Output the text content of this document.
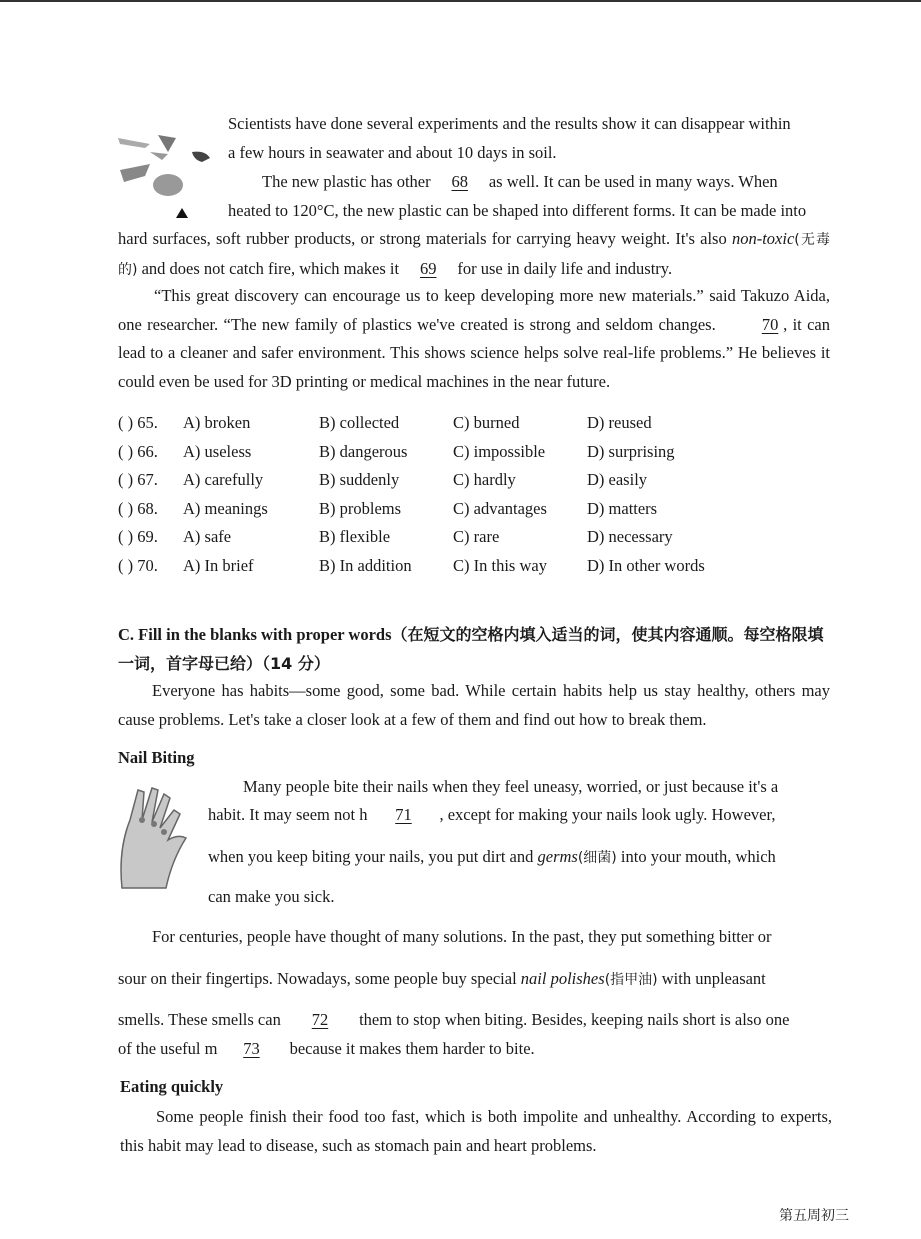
Scientists have done several experiments and the results show it can disappear within
a few hours in seawater and about 10 days in soil.
The new plastic has other 68 as well. It can be used in many ways. When
heated to 120°C, the new plastic can be shaped into different forms. It can be made into
hard surfaces, soft rubber products, or strong materials for carrying heavy weight. It's also non-toxic(无毒的) and does not catch fire, which makes it 69 for use in daily life and industry.
“This great discovery can encourage us to keep developing more new materials.” said Takuzo Aida, one researcher. “The new family of plastics we've created is strong and seldom changes. 70 , it can lead to a cleaner and safer environment. This shows science helps solve real-life problems.” He believes it could even be used for 3D printing or medical machines in the near future.
( ) 65. A) broken	B) collected	C) burned	D) reused
( ) 66. A) useless	B) dangerous	C) impossible	D) surprising
( ) 67. A) carefully	B) suddenly	C) hardly	D) easily
( ) 68. A) meanings	B) problems	C) advantages D) matters
( ) 69. A) safe	B) flexible	C) rare	D) necessary
( ) 70. A) In brief	B) In addition	C) In this way D) In other words
C. Fill in the blanks with proper words（在短文的空格内填入适当的词，使其内容通顺。每空格限填一词，首字母已给）（14 分）
Everyone has habits—some good, some bad. While certain habits help us stay healthy, others may cause problems. Let's take a closer look at a few of them and find out how to break them.
Nail Biting
Many people bite their nails when they feel uneasy, worried, or just because it's a
habit. It may seem not h 71 , except for making your nails look ugly. However,
when you keep biting your nails, you put dirt and germs(细菌) into your mouth, which
can make you sick.
For centuries, people have thought of many solutions. In the past, they put something bitter or
sour on their fingertips. Nowadays, some people buy special nail polishes(指甲油) with unpleasant
smells. These smells can 72 them to stop when biting. Besides, keeping nails short is also one
of the useful m 73 because it makes them harder to bite.
Eating quickly
Some people finish their food too fast, which is both impolite and unhealthy. According to experts, this habit may lead to disease, such as stomach pain and heart problems.
第五周初三
